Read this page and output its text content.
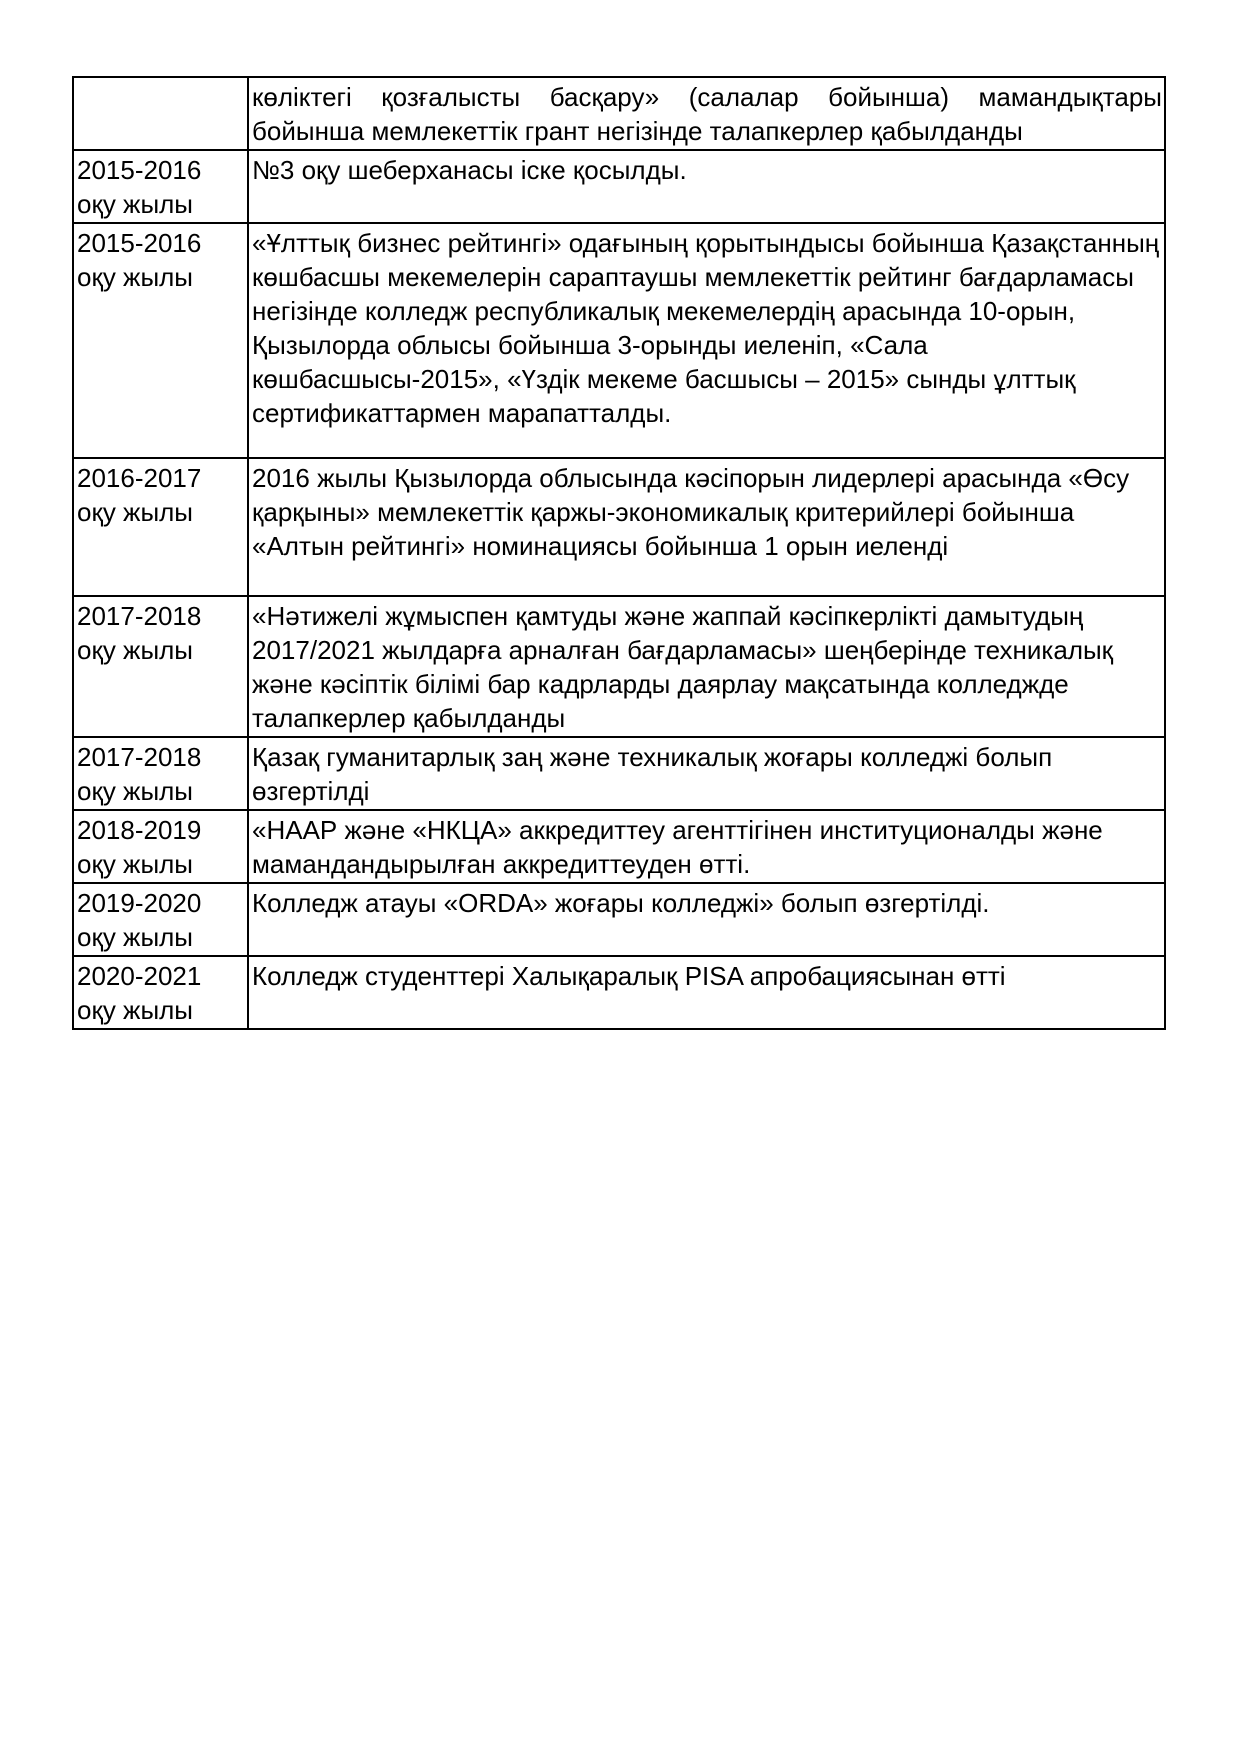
	көліктегі қозғалысты басқару» (салалар бойынша) мамандықтары бойынша мемлекеттік грант негізінде талапкерлер қабылданды
2015-2016
оқу жылы	№3 оқу шеберханасы іске қосылды.
2015-2016
оқу жылы	«Ұлттық бизнес рейтингі» одағының қорытындысы бойынша Қазақстанның көшбасшы мекемелерін сараптаушы мемлекеттік рейтинг бағдарламасы негізінде колледж республикалық мекемелердің арасында 10-орын, Қызылорда облысы бойынша 3-орынды иеленіп, «Сала көшбасшысы-2015», «Үздік мекеме басшысы – 2015» сынды ұлттық сертификаттармен марапатталды.
2016-2017
оқу жылы	2016 жылы Қызылорда облысында кәсіпорын лидерлері арасында «Өсу қарқыны» мемлекеттік қаржы-экономикалық критерийлері бойынша «Алтын рейтингі» номинациясы бойынша 1 орын иеленді
2017-2018
оқу жылы	«Нәтижелі жұмыспен қамтуды және жаппай кәсіпкерлікті дамытудың 2017/2021 жылдарға арналған бағдарламасы» шеңберінде техникалық және кәсіптік білімі бар кадрларды даярлау мақсатында колледжде талапкерлер қабылданды
2017-2018
оқу жылы	Қазақ гуманитарлық заң және техникалық жоғары колледжі болып өзгертілді
2018-2019
оқу жылы	«НААР және «НКЦА» аккредиттеу агенттігінен институционалды және мамандандырылған аккредиттеуден өтті.
2019-2020
оқу жылы	Колледж атауы «ORDA» жоғары колледжі» болып өзгертілді.
2020-2021
оқу жылы	Колледж студенттері Халықаралық PISA апробациясынан өтті
